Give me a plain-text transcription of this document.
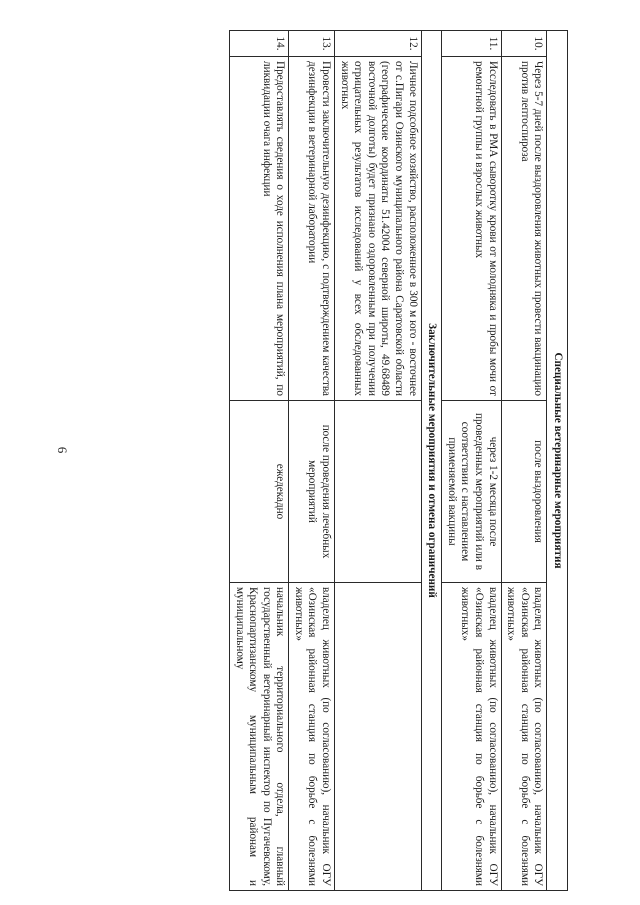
6	Специальные ветеринарные мероприятия			
10.	Через 5-7 дней после выздоровления животных провести вакцинацию против лептоспироза	после выздоровления	владелец животных (по согласованию), начальник ОГУ «Озинская районная станция по борьбе с болезнями животных»
11.	Исследовать в РМА сыворотку крови от молодняка и пробы мочи от ремонтной группы и взрослых животных	через 1-2 месяца после проведенных мероприятий или в соответствии с наставлением применяемой вакцины	владелец животных (по согласованию), начальник ОГУ «Озинская районная станция по борьбе с болезнями животных»
Заключительные мероприятия и отмена ограничений			
12.	Личное подсобное хозяйство, расположенное в 300 м юго - восточнее от с.Пигари Озинского муниципального района Саратовской области (географические координаты 51.42004 северной широты, 49.68489 восточной долготы) будет признано оздоровленным при получении отрицательных результатов исследований у всех обследованных животных		
13.	Провести заключительную дезинфекцию, с подтверждением качества дезинфекции в ветеринарной лаборатории	после проведения лечебных мероприятий	владелец животных (по согласованию), начальник ОГУ «Озинская районная станция по борьбе с болезнями животных»
14.	Предоставлять сведения о ходе исполнения плана мероприятий, по ликвидации очага инфекции	ежедекадно	начальник территориального отдела, главный государственный ветеринарный инспектор по Пугачевскому, Краснопартизанскому муниципальным районам и муниципальному
